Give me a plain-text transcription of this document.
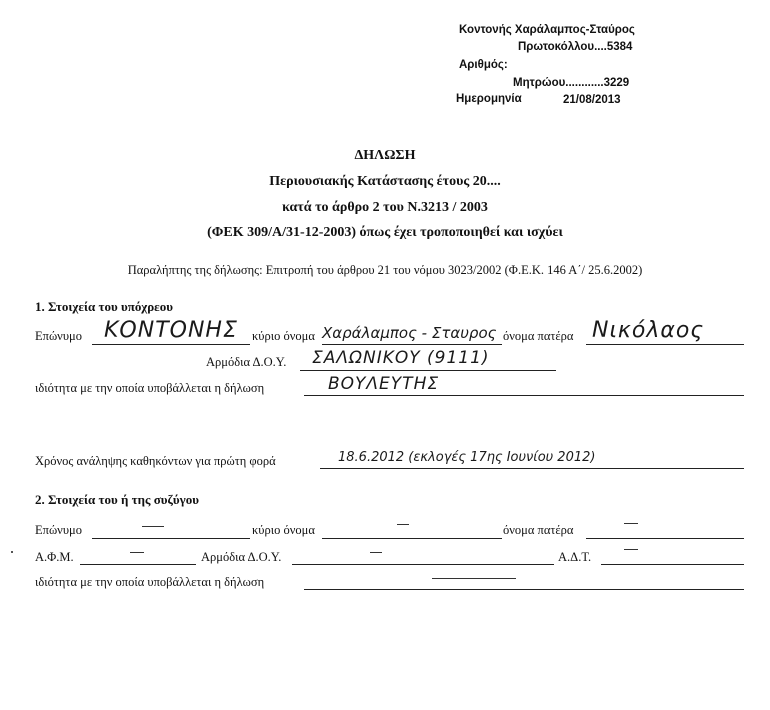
Κοντονής Χαράλαμπος-Σταύρος
Πρωτοκόλλου....5384
Αριθμός:
Μητρώου............3229
Ημερομηνία	21/08/2013
ΔΗΛΩΣΗ
Περιουσιακής Κατάστασης έτους 20....
κατά το άρθρο 2 του Ν.3213 / 2003
(ΦΕΚ 309/Α/31-12-2003) όπως έχει τροποποιηθεί και ισχύει
Παραλήπτης της δήλωσης: Επιτροπή του άρθρου 21 του νόμου 3023/2002 (Φ.Ε.Κ. 146 Α΄/ 25.6.2002)
1. Στοιχεία του υπόχρεου
Επώνυμο ΚΟΝΤΟΝΗΣ κύριο όνομα Χαράλαμπος - Σταυρος όνομα πατέρα Νικόλαος
Αρμόδια Δ.Ο.Υ. ΣΑΛΩΝΙΚΟΥ (9111)
ιδιότητα με την οποία υποβάλλεται η δήλωση	ΒΟΥΛΕΥΤΗΣ
Χρόνος ανάληψης καθηκόντων για πρώτη φορά	18.6.2012 (εκλογές 17ης Ιουνίου 2012)
2. Στοιχεία του ή της συζύγου
Επώνυμο	κύριο όνομα	όνομα πατέρα
Α.Φ.Μ.	Αρμόδια Δ.Ο.Υ.	Α.Δ.Τ.
ιδιότητα με την οποία υποβάλλεται η δήλωση
